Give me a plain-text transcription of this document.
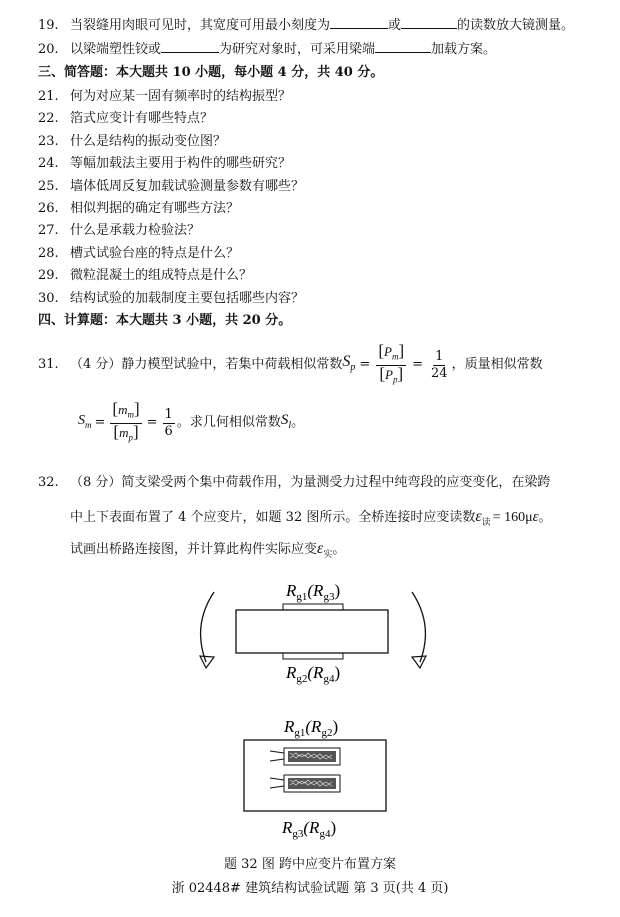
19. 当裂缝用肉眼可见时，其宽度可用最小刻度为	或	的读数放大镜测量。
20. 以梁端塑性铰或	为研究对象时，可采用梁端	加载方案。
三、简答题：本大题共 10 小题，每小题 4 分，共 40 分。
21. 何为对应某一固有频率时的结构振型？
22. 箔式应变计有哪些特点？
23. 什么是结构的振动变位图？
24. 等幅加载法主要用于构件的哪些研究？
25. 墙体低周反复加载试验测量参数有哪些？
26. 相似判据的确定有哪些方法？
27. 什么是承载力检验法？
28. 槽式试验台座的特点是什么？
29. 微粒混凝土的组成特点是什么？
30. 结构试验的加载制度主要包括哪些内容？
四、计算题：本大题共 3 小题，共 20 分。
31. （4 分）静力模型试验中，若集中荷载相似常数 $S_p = \frac{[P_m]}{[P_p]} = \frac{1}{24}$ ，质量相似常数
$S_m = \frac{[m_m]}{[m_p]} = \frac{1}{6}$ 。求几何相似常数 $S_l$ 。
32. （8 分）简支梁受两个集中荷载作用，为量测受力过程中纯弯段的应变变化，在梁跨
中上下表面布置了 4 个应变片，如题 32 图所示。全桥连接时应变读数$\varepsilon_读 = 160\mu\varepsilon$。
试画出桥路连接图，并计算此构件实际应变$\varepsilon_实$。
$R_{g1}(R_{g3})$
$R_{g2}(R_{g4})$
$R_{g1}(R_{g2})$
$R_{g3}(R_{g4})$
题 32 图 跨中应变片布置方案
浙 02448# 建筑结构试验试题 第 3 页(共 4 页)
